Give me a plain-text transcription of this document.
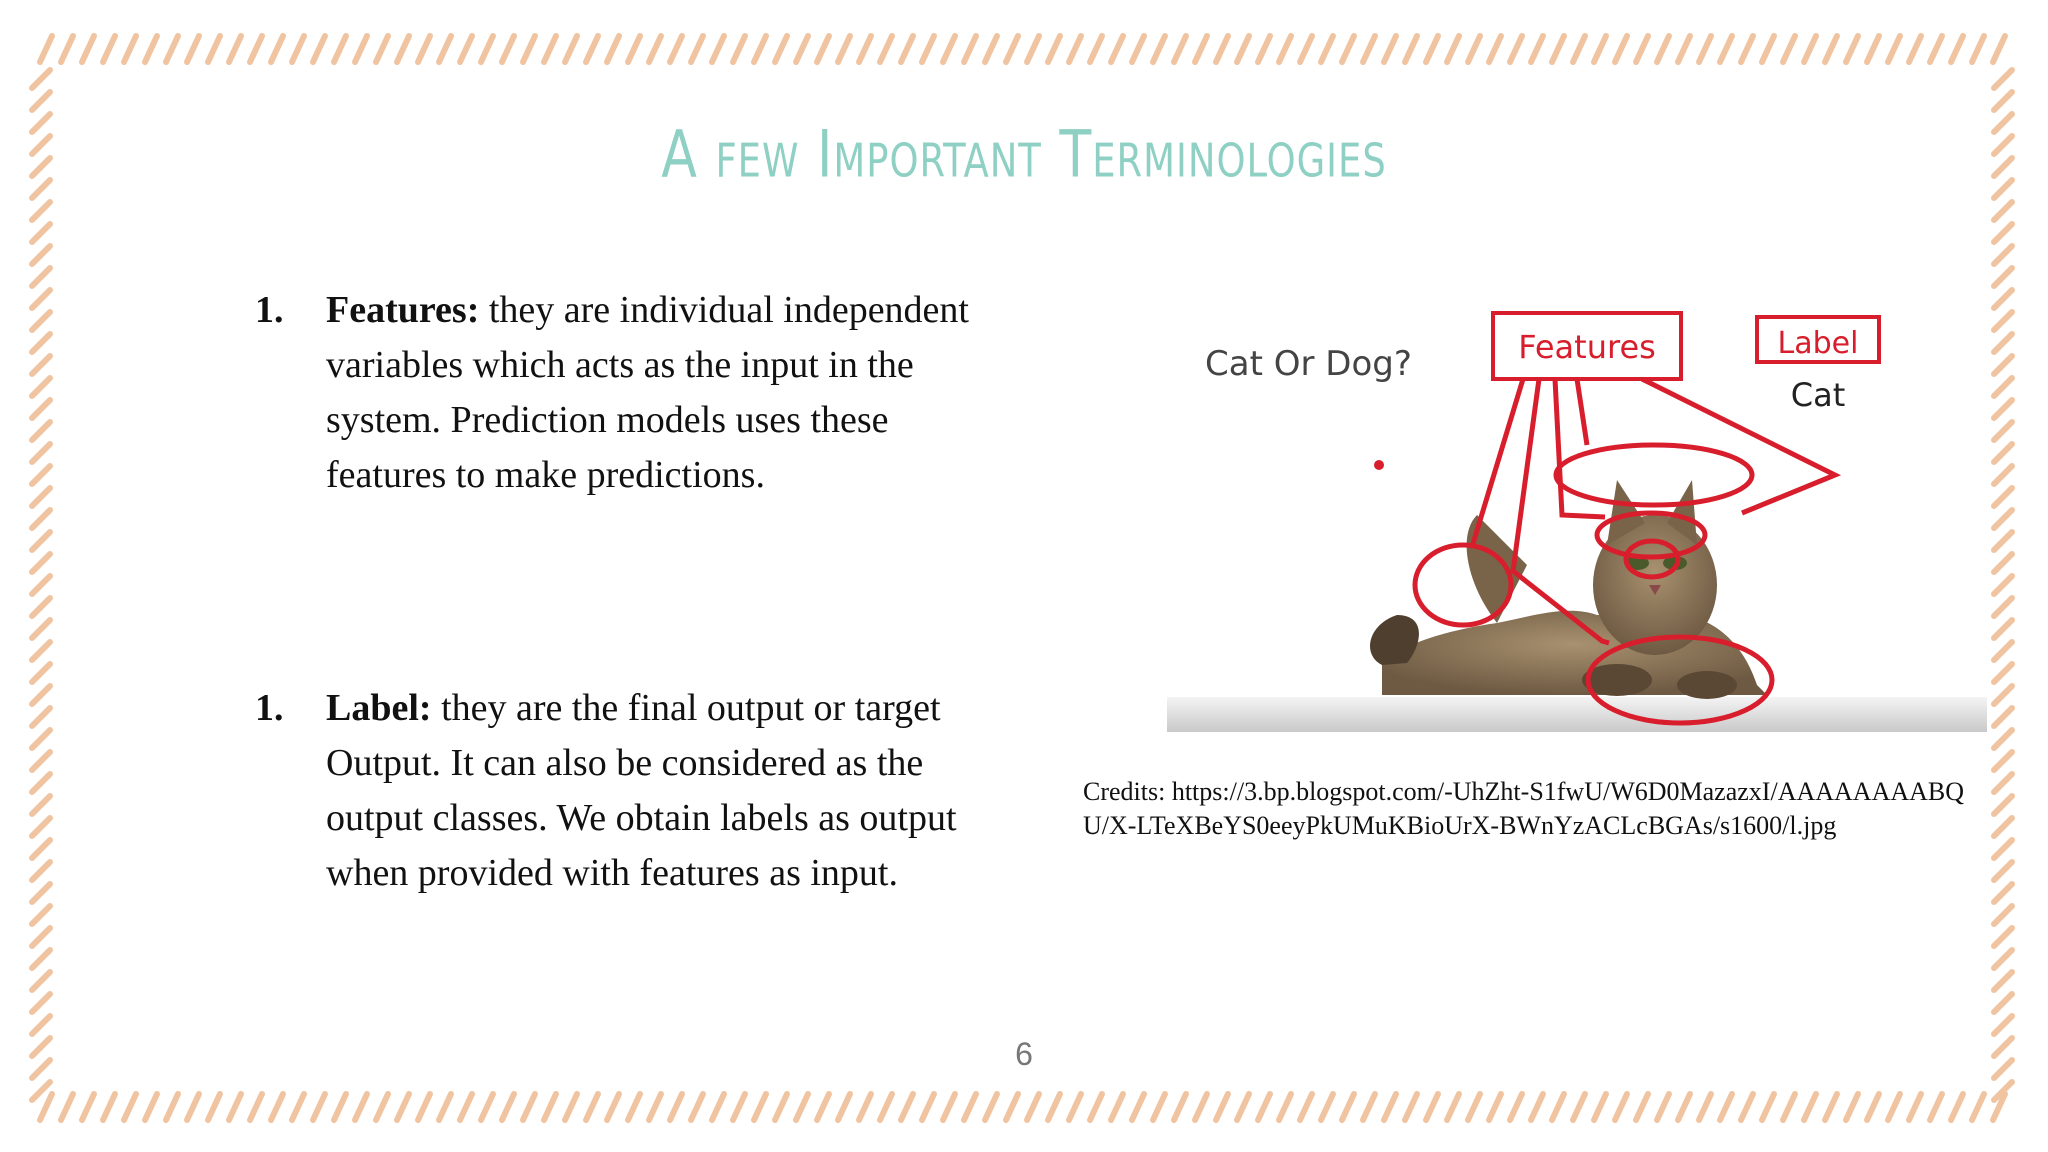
A few Important Terminologies
1. Features: they are individual independent variables which acts as the input in the system. Prediction models uses these features to make predictions.
1. Label: they are the final output or target Output. It can also be considered as the output classes. We obtain labels as output when provided with features as input.
Cat Or Dog?	Features	Label
Cat
Credits: https://3.bp.blogspot.com/-UhZht-S1fwU/W6D0MazazxI/AAAAAAAABQU/X-LTeXBeYS0eeyPkUMuKBioUrX-BWnYzACLcBGAs/s1600/l.jpg
6
